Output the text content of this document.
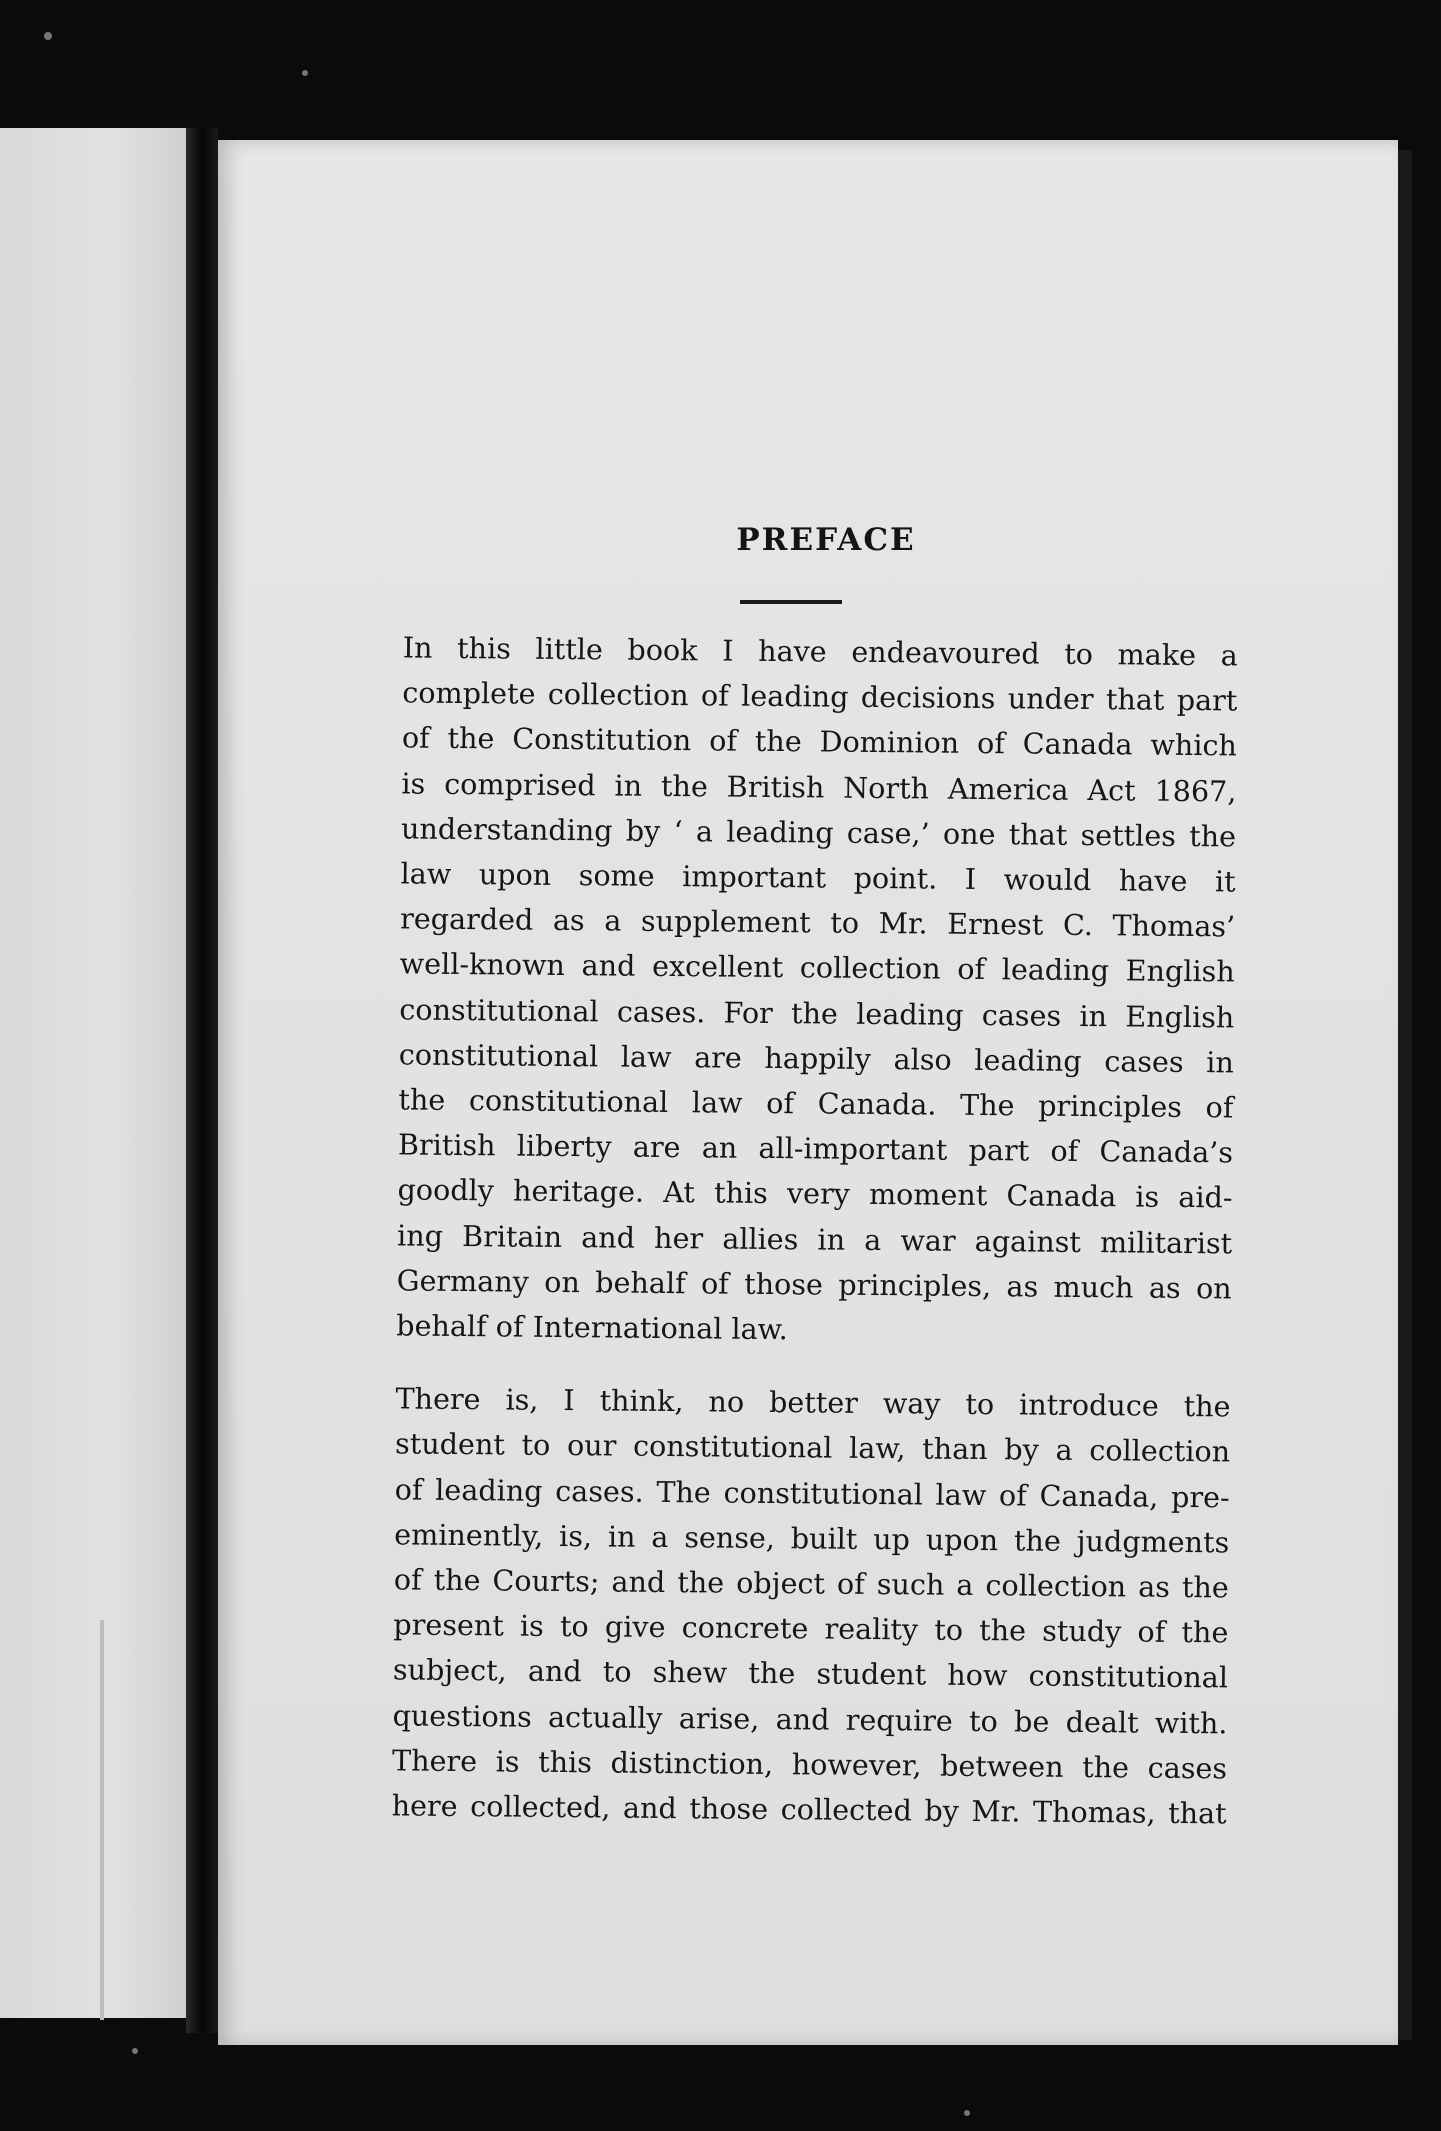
PREFACE

In this little book I have endeavoured to make a
complete collection of leading decisions under that part
of the Constitution of the Dominion of Canada which
is comprised in the British North America Act 1867,
understanding by ‘ a leading case,’ one that settles the
law upon some important point. I would have it
regarded as a supplement to Mr. Ernest C. Thomas’
well-known and excellent collection of leading English
constitutional cases. For the leading cases in English
constitutional law are happily also leading cases in
the constitutional law of Canada. The principles of
British liberty are an all-important part of Canada’s
goodly heritage. At this very moment Canada is aid-
ing Britain and her allies in a war against militarist
Germany on behalf of those principles, as much as on
behalf of International law.

There is, I think, no better way to introduce the
student to our constitutional law, than by a collection
of leading cases. The constitutional law of Canada, pre-
eminently, is, in a sense, built up upon the judgments
of the Courts; and the object of such a collection as the
present is to give concrete reality to the study of the
subject, and to shew the student how constitutional
questions actually arise, and require to be dealt with.
There is this distinction, however, between the cases
here collected, and those collected by Mr. Thomas, that
